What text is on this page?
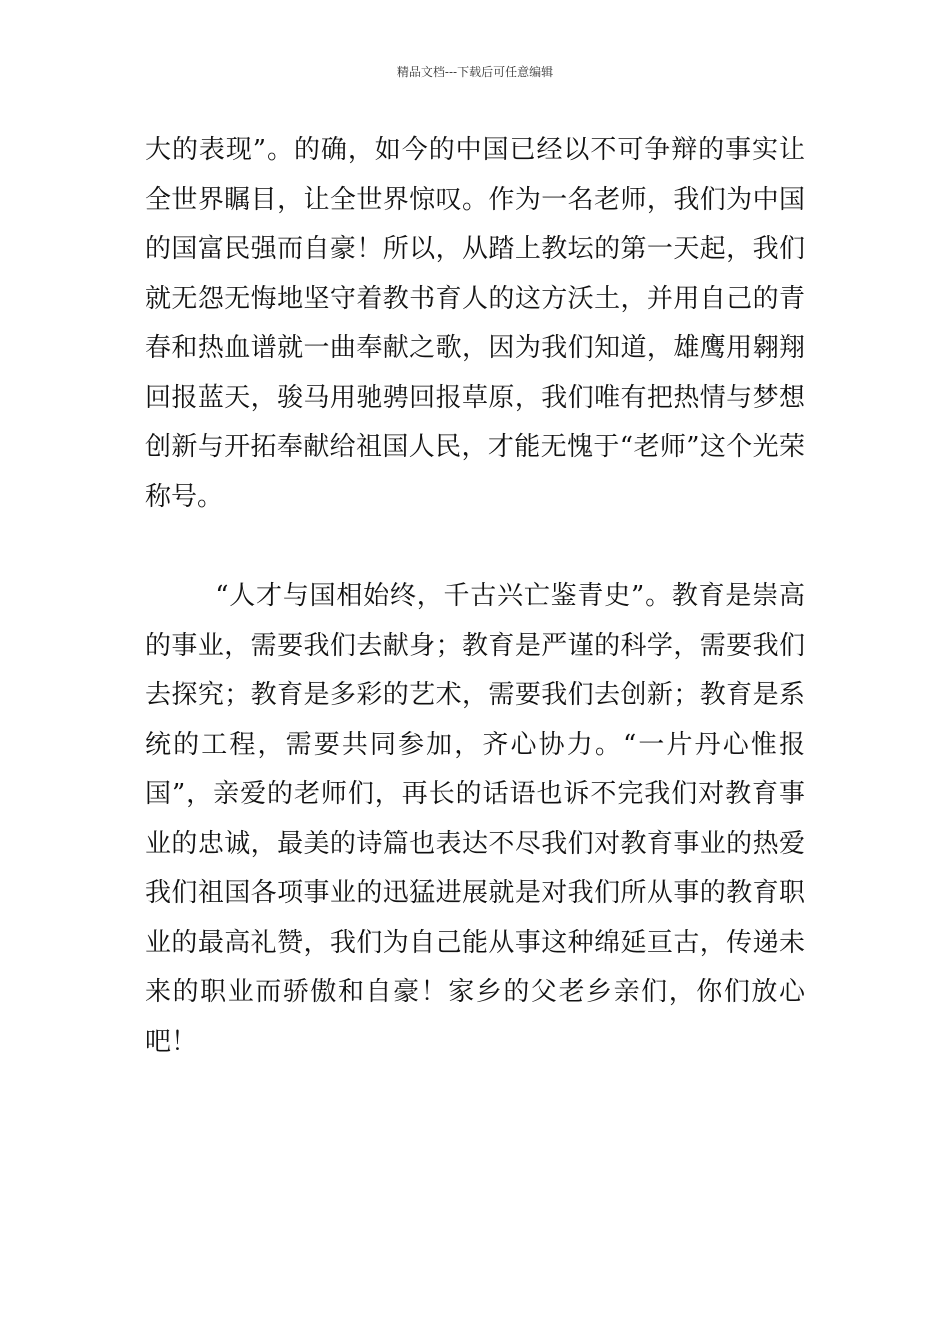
精品文档---下载后可任意编辑

大的表现”。的确，如今的中国已经以不可争辩的事实让全世界瞩目，让全世界惊叹。作为一名老师，我们为中国的国富民强而自豪！所以，从踏上教坛的第一天起，我们就无怨无悔地坚守着教书育人的这方沃土，并用自己的青春和热血谱就一曲奉献之歌，因为我们知道，雄鹰用翱翔回报蓝天，骏马用驰骋回报草原，我们唯有把热情与梦想创新与开拓奉献给祖国人民，才能无愧于“老师”这个光荣称号。

“人才与国相始终，千古兴亡鉴青史”。教育是崇高的事业，需要我们去献身；教育是严谨的科学，需要我们去探究；教育是多彩的艺术，需要我们去创新；教育是系统的工程，需要共同参加，齐心协力。“一片丹心惟报国”，亲爱的老师们，再长的话语也诉不完我们对教育事业的忠诚，最美的诗篇也表达不尽我们对教育事业的热爱我们祖国各项事业的迅猛进展就是对我们所从事的教育职业的最高礼赞，我们为自己能从事这种绵延亘古，传递未来的职业而骄傲和自豪！家乡的父老乡亲们，你们放心吧！
